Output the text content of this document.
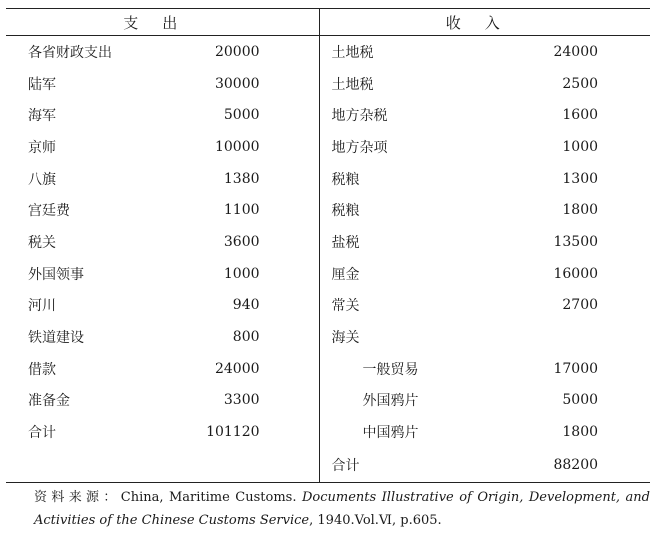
支出		收入	
各省财政支出	20000	土地税	24000
陆军	30000	土地税	2500
海军	5000	地方杂税	1600
京师	10000	地方杂项	1000
八旗	1380	税粮	1300
宫廷费	1100	税粮	1800
税关	3600	盐税	13500
外国领事	1000	厘金	16000
河川	940	常关	2700
铁道建设	800	海关	
借款	24000	一般贸易	17000
准备金	3300	外国鸦片	5000
合计	101120	中国鸦片	1800
		合计	88200
资料来源：China, Maritime Customs. Documents Illustrative of Origin, Development, and Activities of the Chinese Customs Service, 1940.Vol.Ⅵ, p.605.
